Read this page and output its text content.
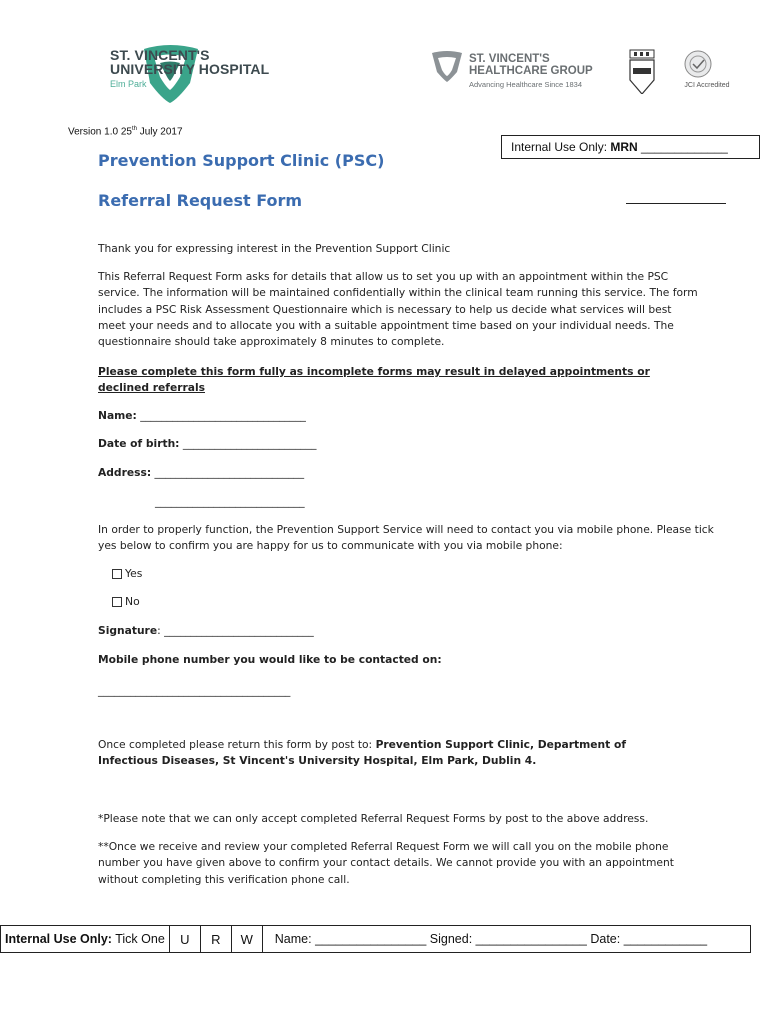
ST. VINCENT'S
UNIVERSITY HOSPITAL
Elm Park
ST. VINCENT'S
HEALTHCARE GROUP
Advancing Healthcare Since 1834	JCI Accredited
Version 1.0 25th July 2017
Internal Use Only: MRN _____________
Prevention Support Clinic (PSC)
Referral Request Form
Thank you for expressing interest in the Prevention Support Clinic
This Referral Request Form asks for details that allow us to set you up with an appointment within the PSC service. The information will be maintained confidentially within the clinical team running this service. The form includes a PSC Risk Assessment Questionnaire which is necessary to help us decide what services will best meet your needs and to allocate you with a suitable appointment time based on your individual needs. The questionnaire should take approximately 8 minutes to complete.
Please complete this form fully as incomplete forms may result in delayed appointments or declined referrals
Name: _______________________________
Date of birth: _________________________
Address: ____________________________
____________________________
In order to properly function, the Prevention Support Service will need to contact you via mobile phone. Please tick yes below to confirm you are happy for us to communicate with you via mobile phone:
Yes
No
Signature: ____________________________
Mobile phone number you would like to be contacted on:
____________________________________
Once completed please return this form by post to: Prevention Support Clinic, Department of Infectious Diseases, St Vincent's University Hospital, Elm Park, Dublin 4.
*Please note that we can only accept completed Referral Request Forms by post to the above address.
**Once we receive and review your completed Referral Request Form we will call you on the mobile phone number you have given above to confirm your contact details. We cannot provide you with an appointment without completing this verification phone call.
Internal Use Only: Tick One	U	R	W	Name: ________________ Signed: ________________ Date: ____________
